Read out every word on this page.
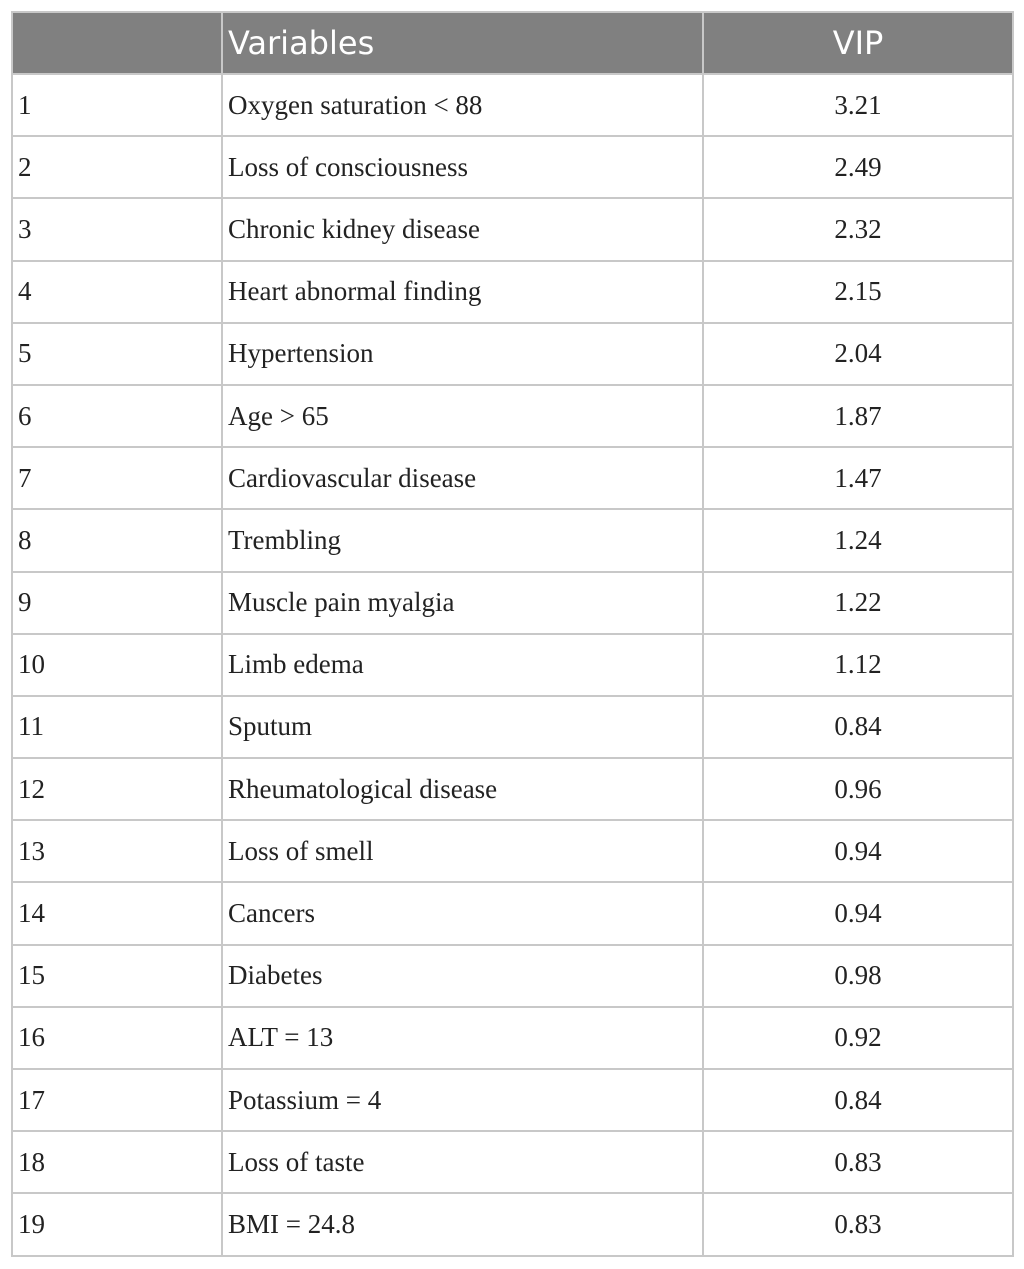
	Variables	VIP
1	Oxygen saturation < 88	3.21
2	Loss of consciousness	2.49
3	Chronic kidney disease	2.32
4	Heart abnormal finding	2.15
5	Hypertension	2.04
6	Age > 65	1.87
7	Cardiovascular disease	1.47
8	Trembling	1.24
9	Muscle pain myalgia	1.22
10	Limb edema	1.12
11	Sputum	0.84
12	Rheumatological disease	0.96
13	Loss of smell	0.94
14	Cancers	0.94
15	Diabetes	0.98
16	ALT = 13	0.92
17	Potassium = 4	0.84
18	Loss of taste	0.83
19	BMI = 24.8	0.83
